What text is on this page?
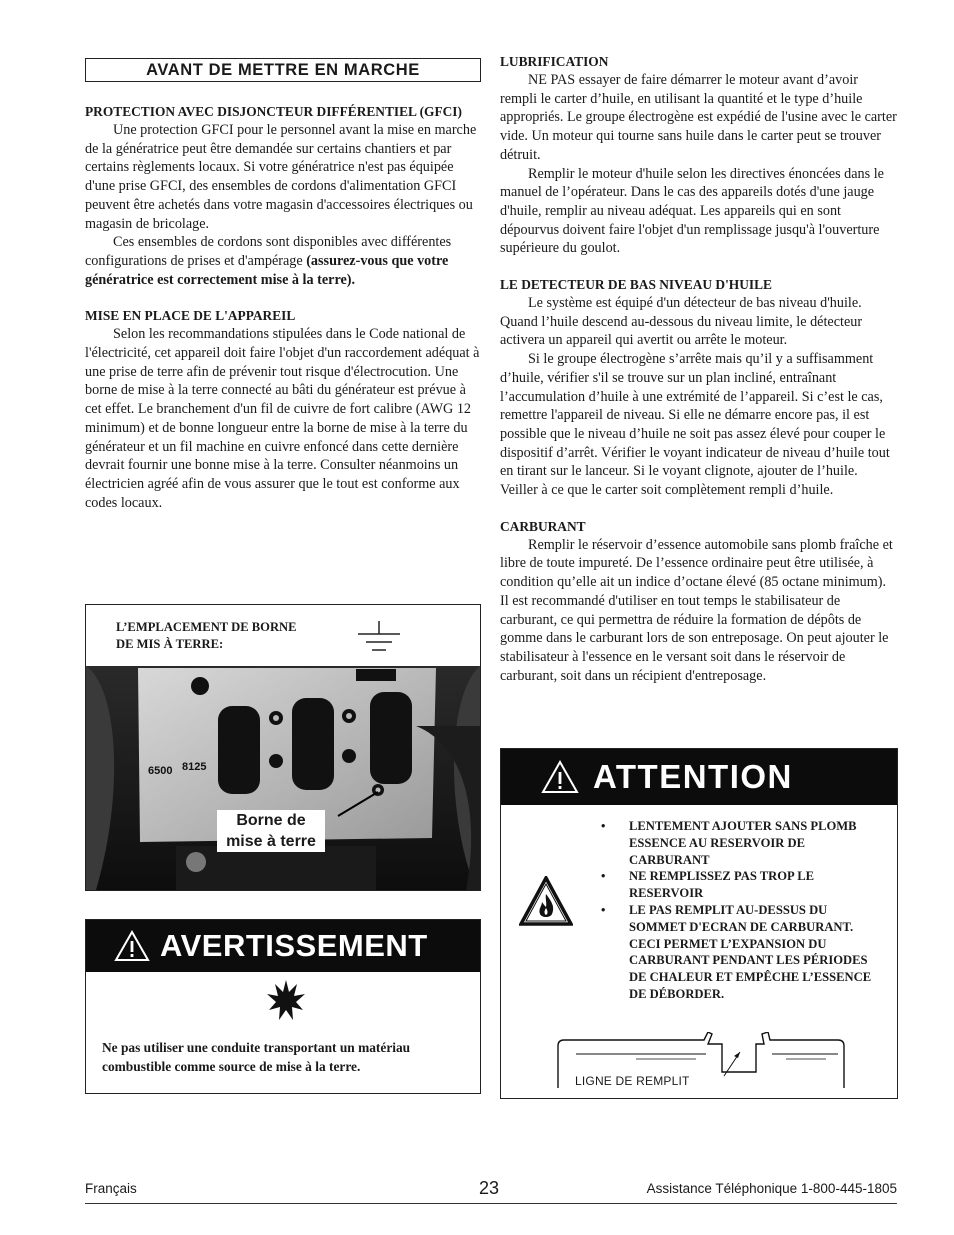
AVANT DE METTRE EN MARCHE
PROTECTION AVEC DISJONCTEUR DIFFÉRENTIEL (GFCI)

Une protection GFCI pour le personnel avant la mise en marche de la génératrice peut être demandée sur certains chantiers et par certains règlements locaux. Si votre génératrice n'est pas équipée d'une prise GFCI, des ensembles de cordons d'alimentation GFCI peuvent être achetés dans votre magasin d'accessoires électriques ou magasin de bricolage.

Ces ensembles de cordons sont disponibles avec différentes configurations de prises et d'ampérage (assurez-vous que votre génératrice est correctement mise à la terre).

MISE EN PLACE DE L'APPAREIL

Selon les recommandations stipulées dans le Code national de l'électricité, cet appareil doit faire l'objet d'un raccordement adéquat à une prise de terre afin de prévenir tout risque d'électrocution. Une borne de mise à la terre connecté au bâti du générateur est prévue à cet effet. Le branchement d'un fil de cuivre de fort calibre (AWG 12 minimum) et de bonne longueur entre la borne de mise à la terre du générateur et un fil machine en cuivre enfoncé dans cette dernière devrait fournir une bonne mise à la terre. Consulter néanmoins un électricien agréé afin de vous assurer que le tout est conforme aux codes locaux.

L’EMPLACEMENT DE BORNE
DE MIS À TERRE:
6500 8125
Borne de
mise à terre
AVERTISSEMENT
Ne pas utiliser une conduite transportant un matériau combustible comme source de mise à la terre.
LUBRIFICATION

NE PAS essayer de faire démarrer le moteur avant d’avoir rempli le carter d’huile, en utilisant la quantité et le type d’huile appropriés. Le groupe électrogène est expédié de l'usine avec le carter vide. Un moteur qui tourne sans huile dans le carter peut se trouver détruit.

Remplir le moteur d'huile selon les directives énoncées dans le manuel de l’opérateur. Dans le cas des appareils dotés d'une jauge d'huile, remplir au niveau adéquat. Les appareils qui en sont dépourvus doivent faire l'objet d'un remplissage jusqu'à l'ouverture supérieure du goulot.

LE DETECTEUR DE BAS NIVEAU D'HUILE

Le système est équipé d'un détecteur de bas niveau d'huile. Quand l’huile descend au-dessous du niveau limite, le détecteur activera un appareil qui avertit ou arrête le moteur.

Si le groupe électrogène s’arrête mais qu’il y a suffisamment d’huile, vérifier s'il se trouve sur un plan incliné, entraînant l’accumulation d’huile à une extrémité de l’appareil. Si c’est le cas, remettre l'appareil de niveau. Si elle ne démarre encore pas, il est possible que le niveau d’huile ne soit pas assez élevé pour couper le dispositif d’arrêt. Vérifier le voyant indicateur de niveau d’huile tout en tirant sur le lanceur. Si le voyant clignote, ajouter de l’huile. Veiller à ce que le carter soit complètement rempli d’huile.

CARBURANT

Remplir le réservoir d’essence automobile sans plomb fraîche et libre de toute impureté. De l’essence ordinaire peut être utilisée, à condition qu’elle ait un indice d’octane élevé (85 octane minimum). Il est recommandé d'utiliser en tout temps le stabilisateur de carburant, ce qui permettra de réduire la formation de dépôts de gomme dans le carburant lors de son entreposage. On peut ajouter le stabilisateur à l'essence en le versant soit dans le réservoir de carburant, soit dans un récipient d'entreposage.

ATTENTION
• LENTEMENT AJOUTER SANS PLOMB ESSENCE AU RESERVOIR DE CARBURANT
• NE REMPLISSEZ PAS TROP LE RESERVOIR
• LE PAS REMPLIT AU-DESSUS DU SOMMET D'ECRAN DE CARBURANT. CECI PERMET L’EXPANSION DU CARBURANT PENDANT LES PÉRIODES DE CHALEUR ET EMPÊCHE L’ESSENCE DE DÉBORDER.
LIGNE DE REMPLIT
Français	23	Assistance Téléphonique 1-800-445-1805
